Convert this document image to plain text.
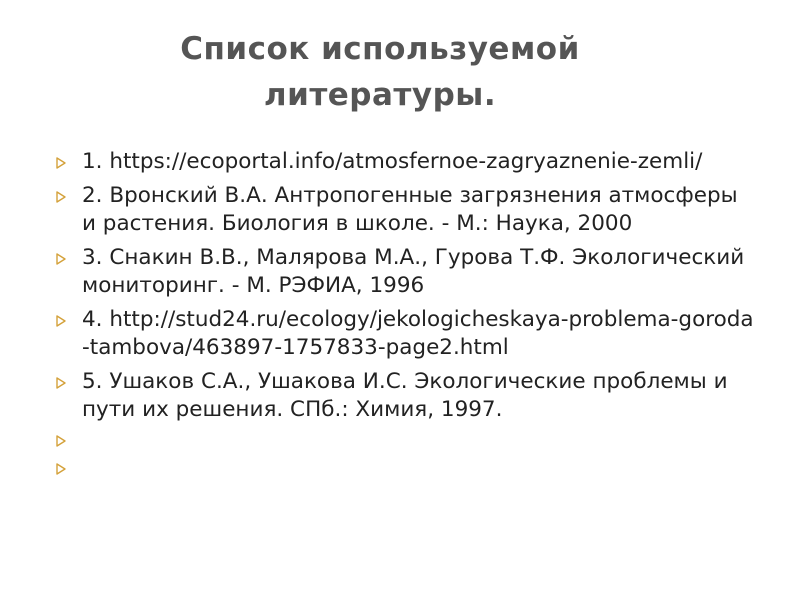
Список используемой
литературы.
1. https://ecoportal.info/atmosfernoe-zagryaznenie-zemli/
2. Вронский В.А. Антропогенные загрязнения атмосферы и растения. Биология в школе. ‑ М.: Наука, 2000
3. Снакин В.В., Малярова М.А., Гурова Т.Ф. Экологический мониторинг. - М. РЭФИА, 1996
4. http://stud24.ru/ecology/jekologicheskaya-problema-goroda-tambova/463897-1757833-page2.html
5. Ушаков С.А., Ушакова И.С. Экологические проблемы и пути их решения. СПб.: Химия, 1997.
